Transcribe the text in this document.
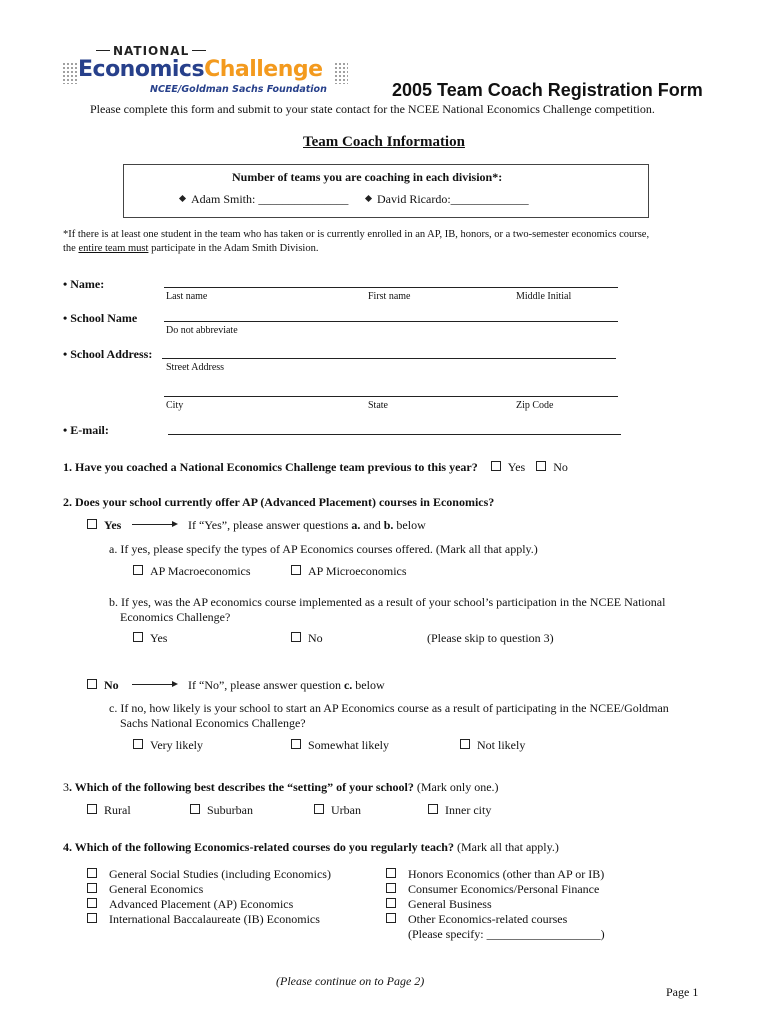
NATIONAL
EconomicsChallenge
NCEE/Goldman Sachs Foundation	2005 Team Coach Registration Form
Please complete this form and submit to your state contact for the NCEE National Economics Challenge competition.
Team Coach Information
Number of teams you are coaching in each division*:
Adam Smith: _______________	David Ricardo:_____________
*If there is at least one student in the team who has taken or is currently enrolled in an AP, IB, honors, or a two-semester economics course,
the entire team must participate in the Adam Smith Division.
• Name:
Last name	First name	Middle Initial
• School Name
Do not abbreviate
• School Address:
Street Address
City	State	Zip Code
• E-mail:
1. Have you coached a National Economics Challenge team previous to this year?	Yes No
2. Does your school currently offer AP (Advanced Placement) courses in Economics?
Yes	If “Yes”, please answer questions a. and b. below
a. If yes, please specify the types of AP Economics courses offered. (Mark all that apply.)
AP Macroeconomics	AP Microeconomics
b. If yes, was the AP economics course implemented as a result of your school’s participation in the NCEE National
Economics Challenge?
Yes	No	(Please skip to question 3)
No	If “No”, please answer question c. below
c. If no, how likely is your school to start an AP Economics course as a result of participating in the NCEE/Goldman
Sachs National Economics Challenge?
Very likely	Somewhat likely	Not likely
3. Which of the following best describes the “setting” of your school? (Mark only one.)
Rural	Suburban	Urban	Inner city
4. Which of the following Economics-related courses do you regularly teach? (Mark all that apply.)
General Social Studies (including Economics)
General Economics
Advanced Placement (AP) Economics
International Baccalaureate (IB) Economics
Honors Economics (other than AP or IB)
Consumer Economics/Personal Finance
General Business
Other Economics-related courses
(Please specify: ___________________)
(Please continue on to Page 2)
Page 1
